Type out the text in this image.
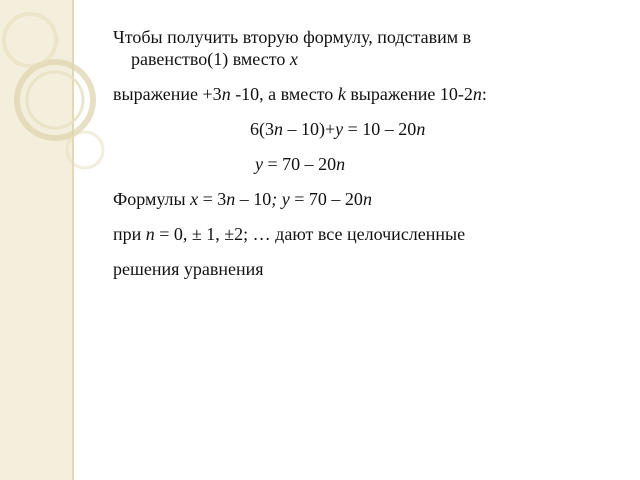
Чтобы получить вторую формулу, подставим в

равенство(1) вместо x

выражение +3n -10, а вместо k выражение 10-2n:

6(3n – 10)+y = 10 – 20n

y = 70 – 20n

Формулы x = 3n – 10; y = 70 – 20n

при n = 0, ± 1, ±2; … дают все целочисленные

решения уравнения
